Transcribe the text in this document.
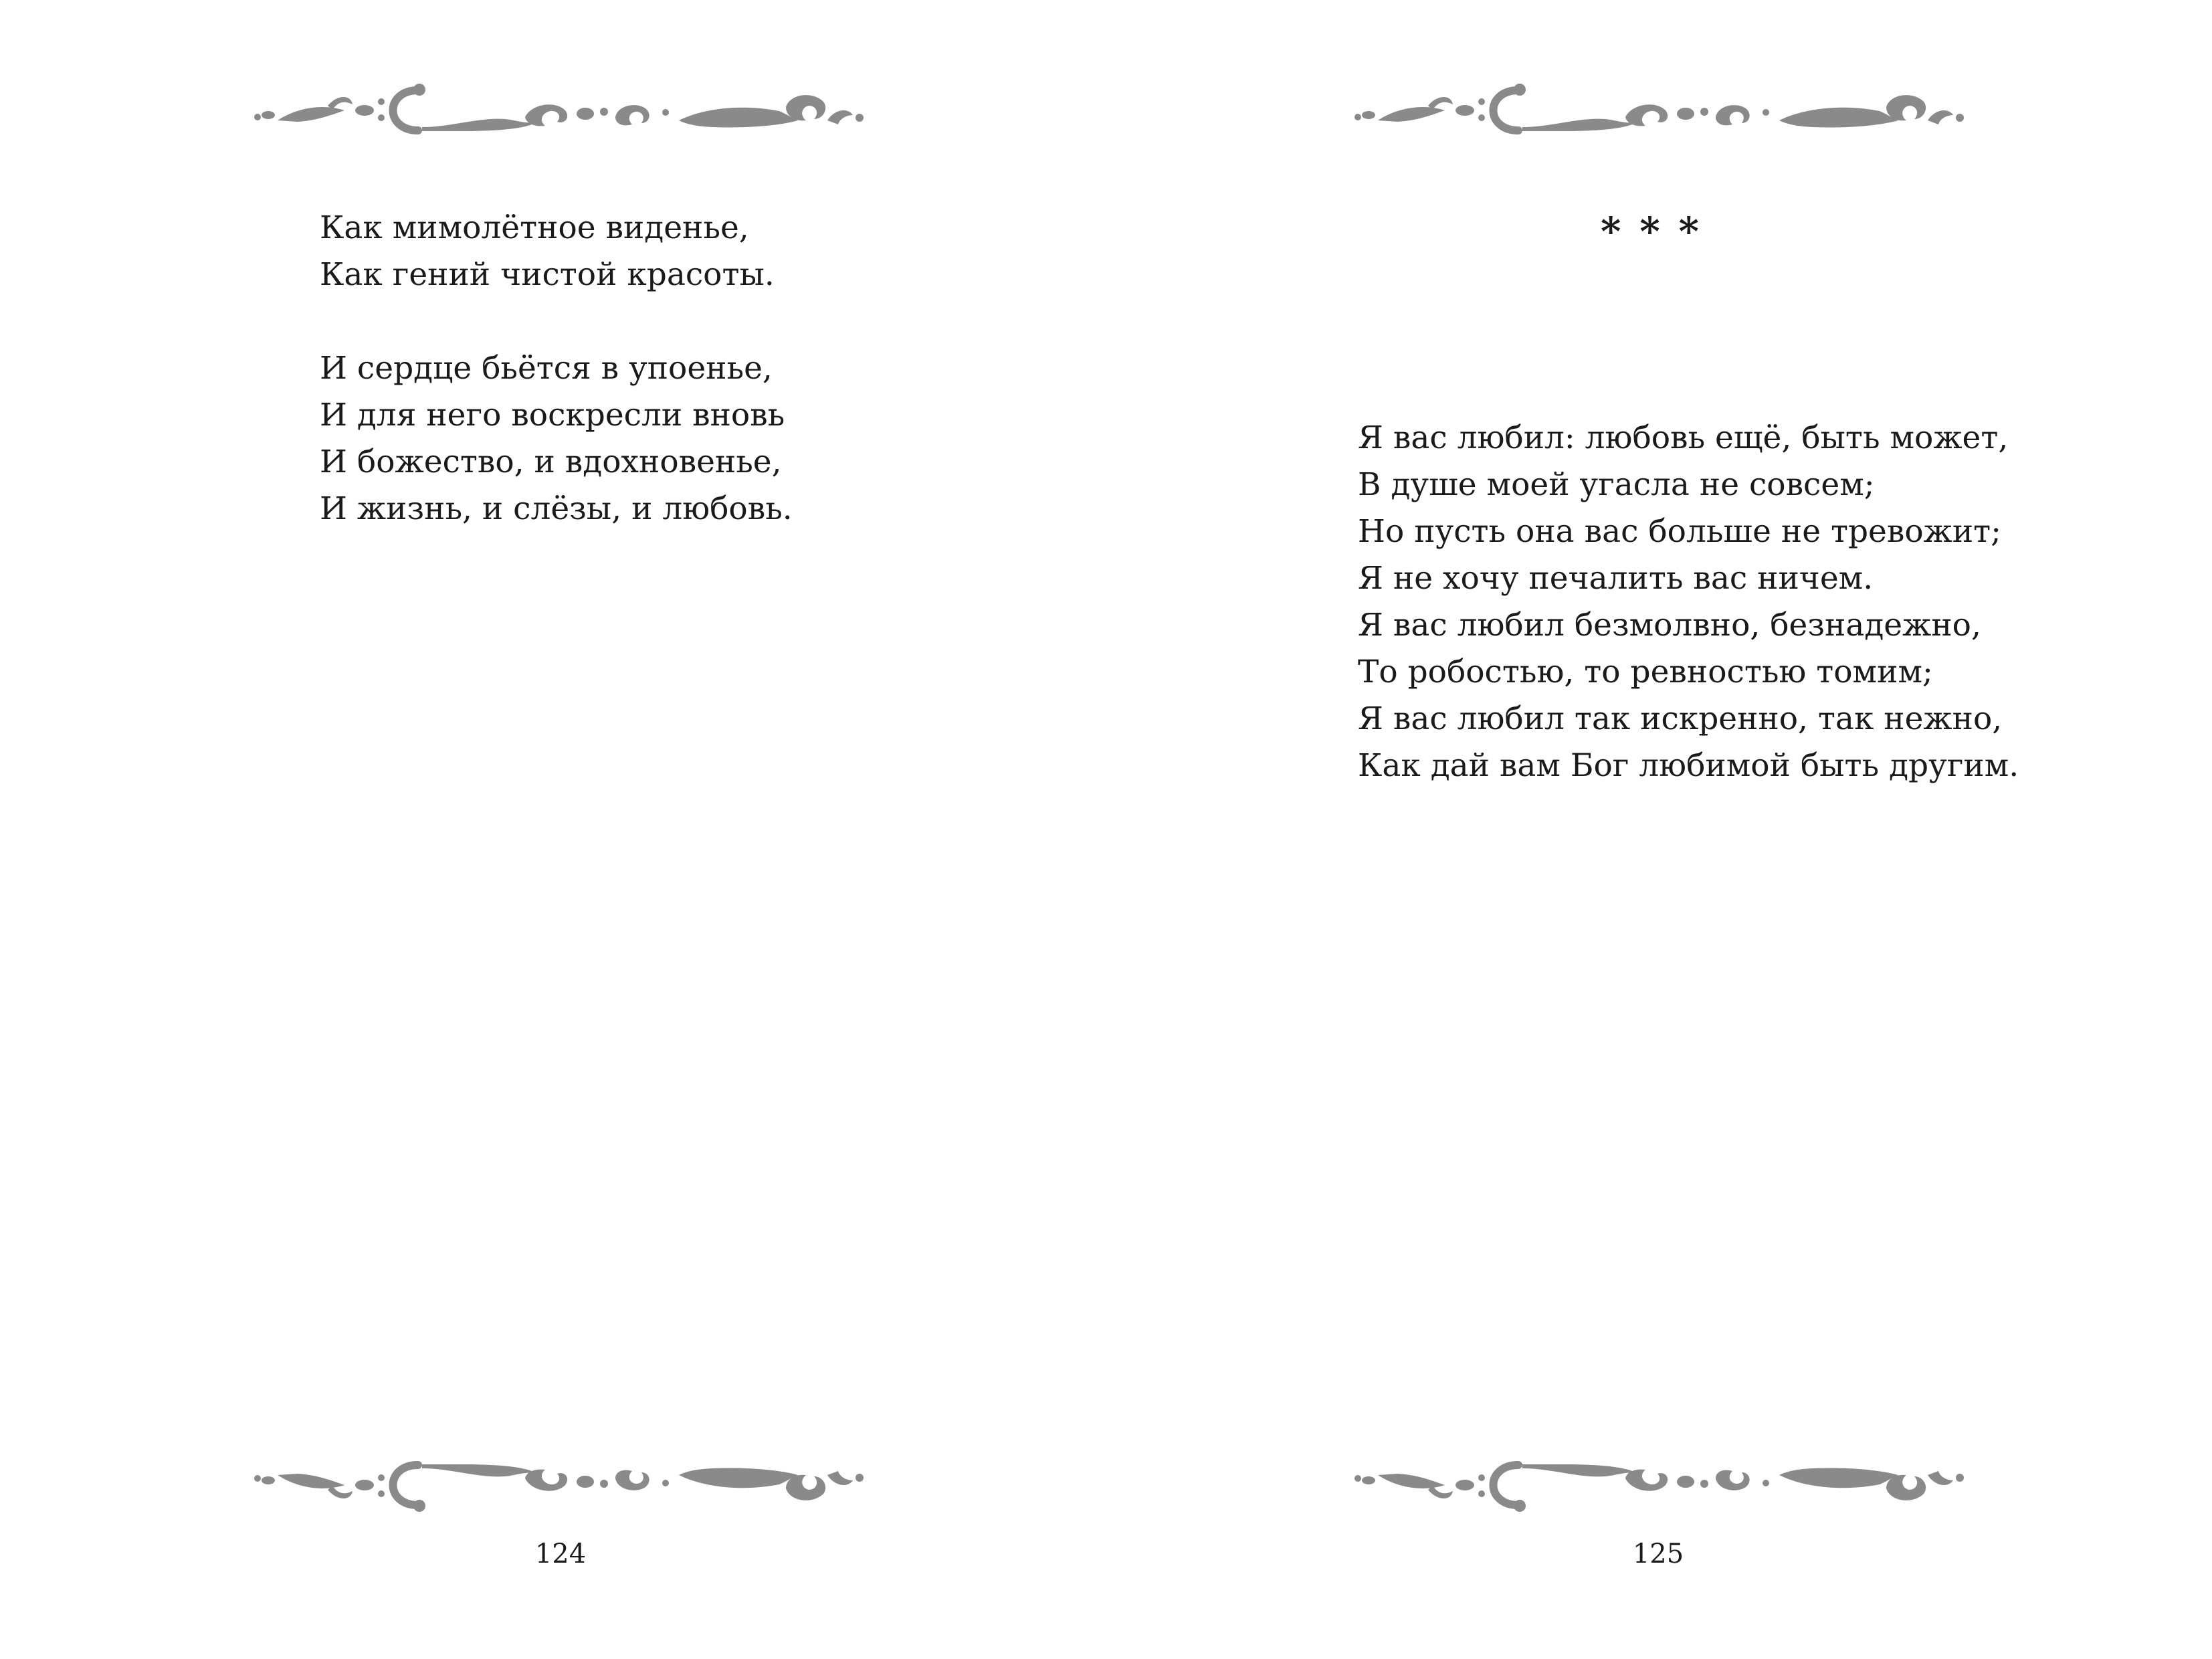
Как мимолётное виденье,
Как гений чистой красоты.
И сердце бьётся в упоенье,
И для него воскресли вновь
И божество, и вдохновенье,
И жизнь, и слёзы, и любовь.
124
***
Я вас любил: любовь ещё, быть может,
В душе моей угасла не совсем;
Но пусть она вас больше не тревожит;
Я не хочу печалить вас ничем.
Я вас любил безмолвно, безнадежно,
То робостью, то ревностью томим;
Я вас любил так искренно, так нежно,
Как дай вам Бог любимой быть другим.
125
